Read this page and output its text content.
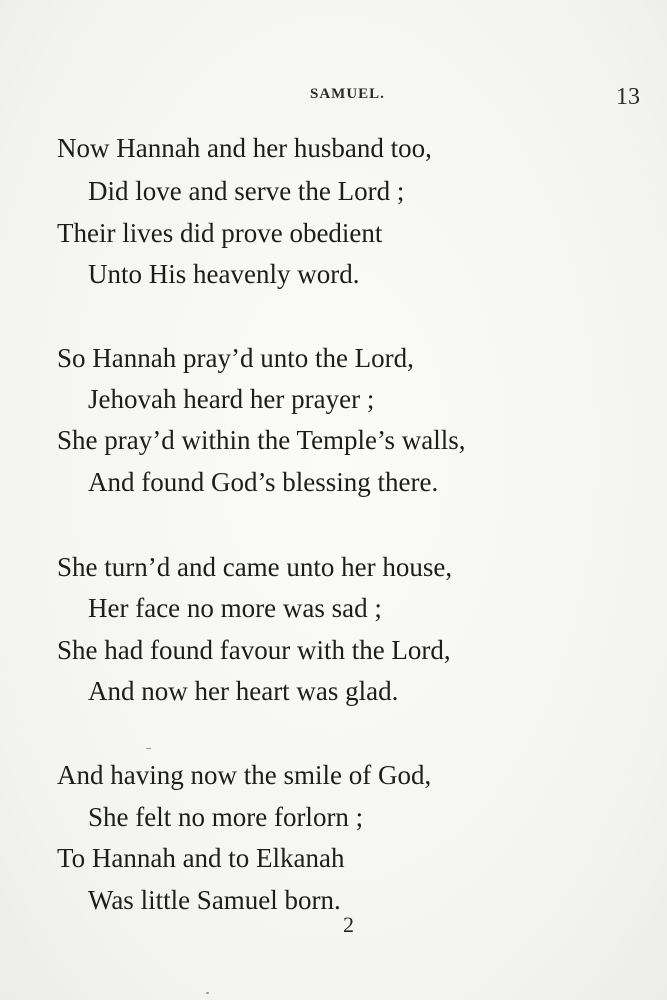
SAMUEL.	13
Now Hannah and her husband too,
Did love and serve the Lord ;
Their lives did prove obedient
Unto His heavenly word.
So Hannah pray’d unto the Lord,
Jehovah heard her prayer ;
She pray’d within the Temple’s walls,
And found God’s blessing there.
She turn’d and came unto her house,
Her face no more was sad ;
She had found favour with the Lord,
And now her heart was glad.
And having now the smile of God,
She felt no more forlorn ;
To Hannah and to Elkanah
Was little Samuel born.
2
